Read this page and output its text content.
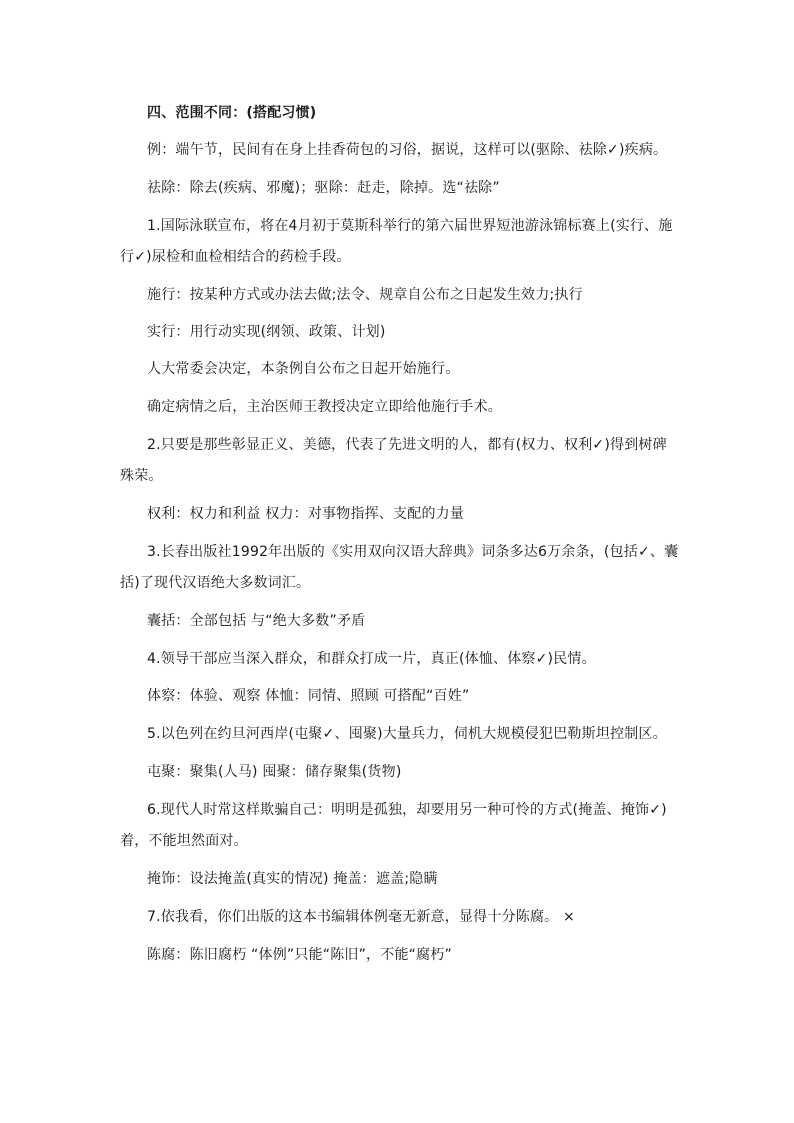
四、范围不同：(搭配习惯)
例：端午节，民间有在身上挂香荷包的习俗，据说，这样可以(驱除、祛除✓)疾病。
祛除：除去(疾病、邪魔)；驱除：赶走，除掉。选“祛除”
1.国际泳联宣布，将在4月初于莫斯科举行的第六届世界短池游泳锦标赛上(实行、施行✓)尿检和血检相结合的药检手段。
施行：按某种方式或办法去做;法令、规章自公布之日起发生效力;执行
实行：用行动实现(纲领、政策、计划)
人大常委会决定，本条例自公布之日起开始施行。
确定病情之后，主治医师王教授决定立即给他施行手术。
2.只要是那些彰显正义、美德，代表了先进文明的人，都有(权力、权利✓)得到树碑殊荣。
权利：权力和利益 权力：对事物指挥、支配的力量
3.长春出版社1992年出版的《实用双向汉语大辞典》词条多达6万余条，(包括✓、囊括)了现代汉语绝大多数词汇。
囊括：全部包括 与“绝大多数”矛盾
4.领导干部应当深入群众，和群众打成一片，真正(体恤、体察✓)民情。
体察：体验、观察 体恤：同情、照顾 可搭配“百姓”
5.以色列在约旦河西岸(屯聚✓、囤聚)大量兵力，伺机大规模侵犯巴勒斯坦控制区。
屯聚：聚集(人马) 囤聚：储存聚集(货物)
6.现代人时常这样欺骗自己：明明是孤独，却要用另一种可怜的方式(掩盖、掩饰✓)着，不能坦然面对。
掩饰：设法掩盖(真实的情况) 掩盖：遮盖;隐瞒
7.依我看，你们出版的这本书编辑体例毫无新意，显得十分陈腐。 ×
陈腐：陈旧腐朽 “体例”只能“陈旧”，不能“腐朽”
